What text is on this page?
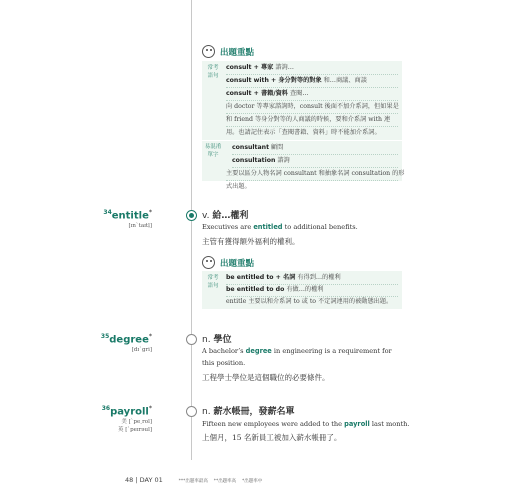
出題重點
常考
語句
consult + 專家 諮詢…
consult with + 身分對等的對象 和…商議、商談
consult + 書籍/資料 查閱…
向 doctor 等專家諮詢時，consult 後面不加介系詞，但如果是
和 friend 等身分對等的人商議的時候，要和介系詞 with 連
用。也請記住表示「查閱書籍、資料」時不能加介系詞。
易混淆
單字
consultant 顧問
consultation 諮詢
主要以區分人物名詞 consultant 和抽象名詞 consultation 的形
式出題。
$^{34}$entitle*
[ɪnˋtaɪtḷ]
v. 給…權利
Executives are entitled to additional benefits.
主管有獲得額外福利的權利。
出題重點
常考
語句
be entitled to + 名詞 有得到…的權利
be entitled to do 有做…的權利
entitle 主要以和介系詞 to 或 to 不定詞連用的被動態出題。
$^{35}$degree*
[dɪˋgri]
n. 學位
A bachelor’s degree in engineering is a requirement for this position.
工程學士學位是這個職位的必要條件。
$^{36}$payroll*
美 [ˋpeˏrol]
英 [ˋpeɪrəul]
n. 薪水帳冊，發薪名單
Fifteen new employees were added to the payroll last month.
上個月，15 名新員工被加入薪水帳冊了。
48 | DAY 01	***出題率最高 **出題率高 *出題率中
